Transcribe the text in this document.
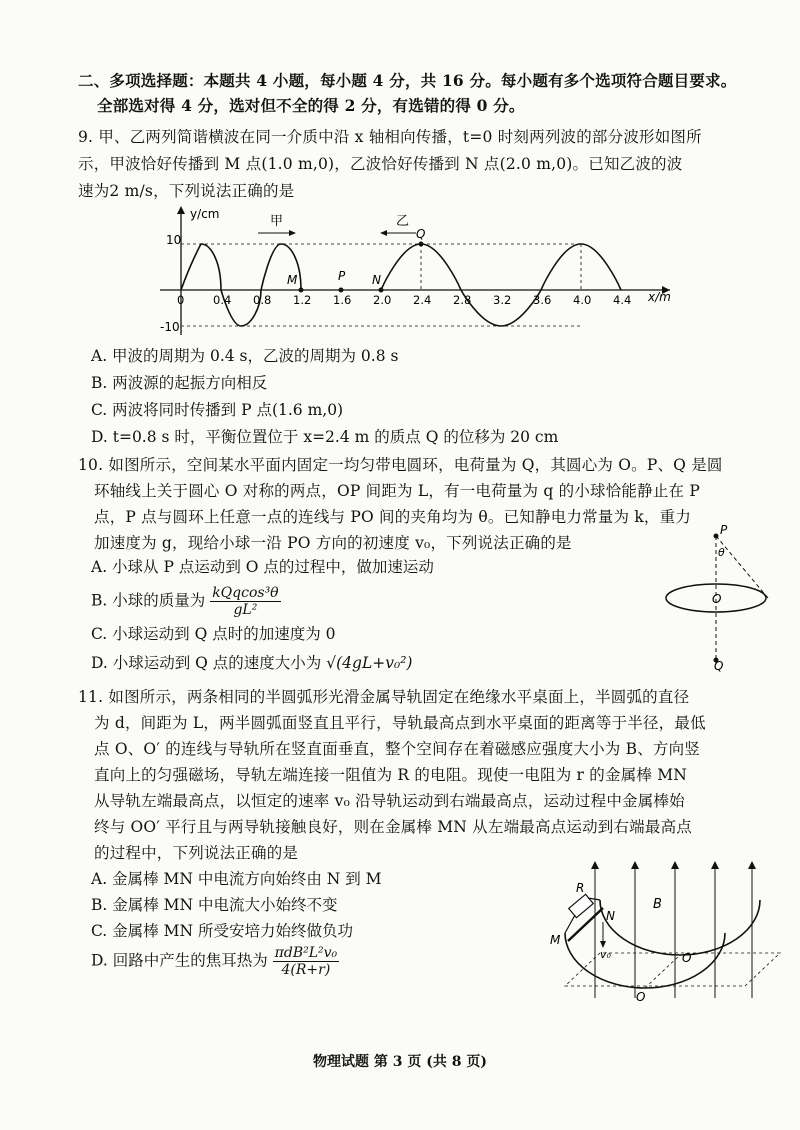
二、多项选择题：本题共 4 小题，每小题 4 分，共 16 分。每小题有多个选项符合题目要求。
全部选对得 4 分，选对但不全的得 2 分，有选错的得 0 分。
9. 甲、乙两列简谐横波在同一介质中沿 x 轴相向传播，t=0 时刻两列波的部分波形如图所
示，甲波恰好传播到 M 点(1.0 m,0)，乙波恰好传播到 N 点(2.0 m,0)。已知乙波的波
速为2 m/s，下列说法正确的是
y/cm
x/m
10
-10
M	P N
Q
甲	乙
0 0.4 0.8 1.2 1.6 2.0 2.4 2.8 3.2 3.6 4.0 4.4
A. 甲波的周期为 0.4 s，乙波的周期为 0.8 s
B. 两波源的起振方向相反
C. 两波将同时传播到 P 点(1.6 m,0)
D. t=0.8 s 时，平衡位置位于 x=2.4 m 的质点 Q 的位移为 20 cm
10. 如图所示，空间某水平面内固定一均匀带电圆环，电荷量为 Q，其圆心为 O。P、Q 是圆
环轴线上关于圆心 O 对称的两点，OP 间距为 L，有一电荷量为 q 的小球恰能静止在 P
点，P 点与圆环上任意一点的连线与 PO 间的夹角均为 θ。已知静电力常量为 k，重力
加速度为 g，现给小球一沿 PO 方向的初速度 v₀，下列说法正确的是
A. 小球从 P 点运动到 O 点的过程中，做加速运动
B. 小球的质量为 $\frac{\text{kQqcos³θ}}{\text{gL²}}$
C. 小球运动到 Q 点时的加速度为 0
D. 小球运动到 Q 点的速度大小为 √(4gL+v₀²)
P
θ
O
Q
11. 如图所示，两条相同的半圆弧形光滑金属导轨固定在绝缘水平桌面上，半圆弧的直径
为 d，间距为 L，两半圆弧面竖直且平行，导轨最高点到水平桌面的距离等于半径，最低
点 O、O′ 的连线与导轨所在竖直面垂直，整个空间存在着磁感应强度大小为 B、方向竖
直向上的匀强磁场，导轨左端连接一阻值为 R 的电阻。现使一电阻为 r 的金属棒 MN
从导轨左端最高点，以恒定的速率 v₀ 沿导轨运动到右端最高点，运动过程中金属棒始
终与 OO′ 平行且与两导轨接触良好，则在金属棒 MN 从左端最高点运动到右端最高点
的过程中，下列说法正确的是
A. 金属棒 MN 中电流方向始终由 N 到 M
B. 金属棒 MN 中电流大小始终不变
C. 金属棒 MN 所受安培力始终做负功
D. 回路中产生的焦耳热为 $\frac{\text{πdB²L²v₀}}{4(R+r)}$
R
B
N
M
v₀
O
O′
物理试题 第 3 页 (共 8 页)
